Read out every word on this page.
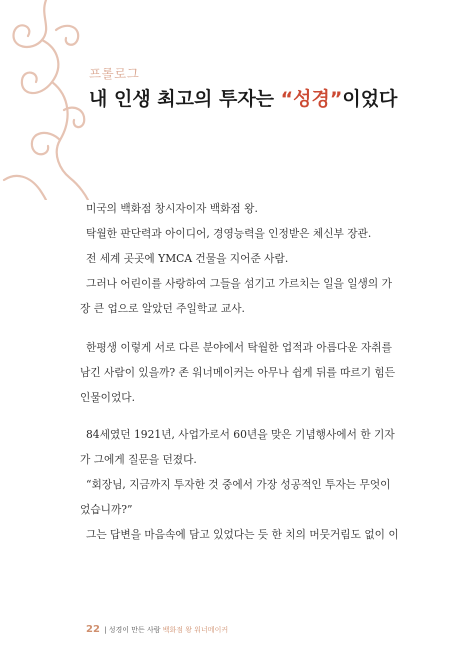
프롤로그
내 인생 최고의 투자는 “성경”이었다
미국의 백화점 창시자이자 백화점 왕.
탁월한 판단력과 아이디어, 경영능력을 인정받은 체신부 장관.
전 세계 곳곳에 YMCA 건물을 지어준 사람.
그러나 어린이를 사랑하여 그들을 섬기고 가르치는 일을 일생의 가
장 큰 업으로 알았던 주일학교 교사.
한평생 이렇게 서로 다른 분야에서 탁월한 업적과 아름다운 자취를
남긴 사람이 있을까? 존 워너메이커는 아무나 쉽게 뒤를 따르기 힘든
인물이었다.
84세였던 1921년, 사업가로서 60년을 맞은 기념행사에서 한 기자
가 그에게 질문을 던졌다.
“회장님, 지금까지 투자한 것 중에서 가장 성공적인 투자는 무엇이
었습니까?”
그는 답변을 마음속에 담고 있었다는 듯 한 치의 머뭇거림도 없이 이
22 | 성경이 만든 사람 백화점 왕 워너메이커
